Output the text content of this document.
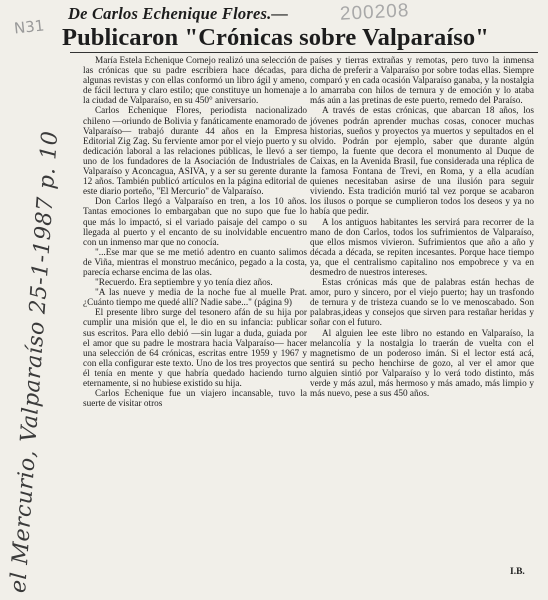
N31
De Carlos Echenique Flores.—	200208
Publicaron "Crónicas sobre Valparaíso"

María Estela Echenique Cornejo realizó una selección de las crónicas que su padre escribiera hace décadas, para algunas revistas y con ellas conformó un libro ágil y ameno, de fácil lectura y claro estilo; que constituye un homenaje a la ciudad de Valparaíso, en su 450° aniversario.

Carlos Echenique Flores, periodista nacionalizado chileno —oriundo de Bolivia y fanáticamente enamorado de Valparaíso— trabajó durante 44 años en la Empresa Editorial Zig Zag. Su ferviente amor por el viejo puerto y su dedicación laboral a las relaciones públicas, le llevó a ser uno de los fundadores de la Asociación de Industriales de Valparaíso y Aconcagua, ASIVA, y a ser su gerente durante 12 años. También publicó artículos en la página editorial de este diario porteño, "El Mercurio" de Valparaíso.

Don Carlos llegó a Valparaíso en tren, a los 10 años. Tantas emociones lo embargaban que no supo que fue lo que más lo impactó, si el variado paisaje del campo o su llegada al puerto y el encanto de su inolvidable encuentro con un inmenso mar que no conocía.

"...Ese mar que se me metió adentro en cuanto salimos de Viña, mientras el monstruo mecánico, pegado a la costa, parecía echarse encima de las olas.

"Recuerdo. Era septiembre y yo tenía diez años.

"A las nueve y media de la noche fue al muelle Prat. ¿Cuánto tiempo me quedé allí? Nadie sabe..." (página 9)

El presente libro surge del tesonero afán de su hija por cumplir una misión que el, le dio en su infancia: publicar sus escritos. Para ello debió —sin lugar a duda, guiada por el amor que su padre le mostrara hacia Valparaíso— hacer una selección de 64 crónicas, escritas entre 1959 y 1967 y con ella configurar este texto. Uno de los tres proyectos que él tenía en mente y que habría quedado haciendo turno eternamente, si no hubiese existido su hija.

Carlos Echenique fue un viajero incansable, tuvo la suerte de visitar otros

países y tierras extrañas y remotas, pero tuvo la inmensa dicha de preferir a Valparaíso por sobre todas ellas. Siempre comparó y en cada ocasión Valparaíso ganaba, y la nostalgia lo amarraba con hilos de ternura y de emoción y lo ataba más aún a las pretinas de este puerto, remedo del Paraíso.

A través de estas crónicas, que abarcan 18 años, los jóvenes podrán aprender muchas cosas, conocer muchas historias, sueños y proyectos ya muertos y sepultados en el olvido. Podrán por ejemplo, saber que durante algún tiempo, la fuente que decora el monumento al Duque de Caixas, en la Avenida Brasil, fue considerada una réplica de la famosa Fontana de Trevi, en Roma, y a ella acudían quienes necesitaban asirse de una ilusión para seguir viviendo. Esta tradición murió tal vez porque se acabaron los ilusos o porque se cumplieron todos los deseos y ya no había que pedir.

A los antiguos habitantes les servirá para recorrer de la mano de don Carlos, todos los sufrimientos de Valparaíso, que ellos mismos vivieron. Sufrimientos que año a año y década a década, se repiten incesantes. Porque hace tiempo ya, que el centralismo capitalino nos empobrece y va en desmedro de nuestros intereses.

Estas crónicas más que de palabras están hechas de amor, puro y sincero, por el viejo puerto; hay un trasfondo de ternura y de tristeza cuando se lo ve menoscabado. Son palabras,ideas y consejos que sirven para restañar heridas y soñar con el futuro.

Al alguien lee este libro no estando en Valparaíso, la melancolía y la nostalgia lo traerán de vuelta con el magnetismo de un poderoso imán. Si el lector está acá, sentirá su pecho henchirse de gozo, al ver el amor que alguien sintió por Valparaíso y lo verá todo distinto, más verde y más azul, más hermoso y más amado, más limpio y más nuevo, pese a sus 450 años.

I.B.
el Mercurio, Valparaíso 25-1-1987 p. 10
